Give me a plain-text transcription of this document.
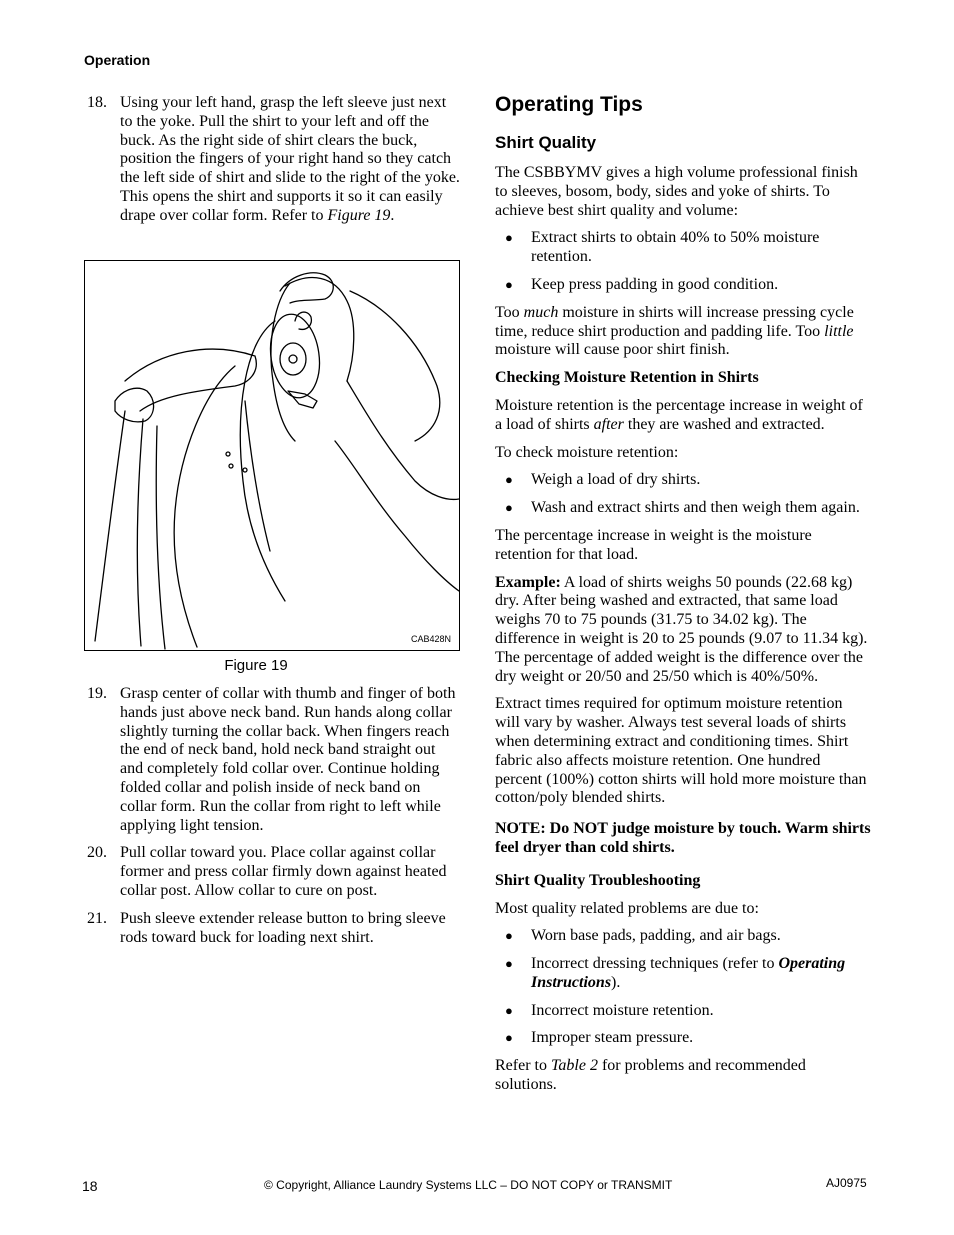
Operation
18. Using your left hand, grasp the left sleeve just next to the yoke. Pull the shirt to your left and off the buck. As the right side of shirt clears the buck, position the fingers of your right hand so they catch the left side of shirt and slide to the right of the yoke. This opens the shirt and supports it so it can easily drape over collar form. Refer to Figure 19.
CAB428N
Figure 19
19. Grasp center of collar with thumb and finger of both hands just above neck band. Run hands along collar slightly turning the collar back. When fingers reach the end of neck band, hold neck band straight out and completely fold collar over. Continue holding folded collar and polish inside of neck band on collar form. Run the collar from right to left while applying light tension.
20. Pull collar toward you. Place collar against collar former and press collar firmly down against heated collar post. Allow collar to cure on post.
21. Push sleeve extender release button to bring sleeve rods toward buck for loading next shirt.
Operating Tips
Shirt Quality

The CSBBYMV gives a high volume professional finish to sleeves, bosom, body, sides and yoke of shirts. To achieve best shirt quality and volume:

● Extract shirts to obtain 40% to 50% moisture retention.
● Keep press padding in good condition.

Too much moisture in shirts will increase pressing cycle time, reduce shirt production and padding life. Too little moisture will cause poor shirt finish.

Checking Moisture Retention in Shirts

Moisture retention is the percentage increase in weight of a load of shirts after they are washed and extracted.

To check moisture retention:

● Weigh a load of dry shirts.
● Wash and extract shirts and then weigh them again.

The percentage increase in weight is the moisture retention for that load.

Example: A load of shirts weighs 50 pounds (22.68 kg) dry. After being washed and extracted, that same load weighs 70 to 75 pounds (31.75 to 34.02 kg). The difference in weight is 20 to 25 pounds (9.07 to 11.34 kg). The percentage of added weight is the difference over the dry weight or 20/50 and 25/50 which is 40%/50%.

Extract times required for optimum moisture retention will vary by washer. Always test several loads of shirts when determining extract and conditioning times. Shirt fabric also affects moisture retention. One hundred percent (100%) cotton shirts will hold more moisture than cotton/poly blended shirts.

NOTE: Do NOT judge moisture by touch. Warm shirts feel dryer than cold shirts.

Shirt Quality Troubleshooting

Most quality related problems are due to:

● Worn base pads, padding, and air bags.
● Incorrect dressing techniques (refer to Operating Instructions).
● Incorrect moisture retention.
● Improper steam pressure.

Refer to Table 2 for problems and recommended solutions.

18	© Copyright, Alliance Laundry Systems LLC – DO NOT COPY or TRANSMIT	AJ0975
